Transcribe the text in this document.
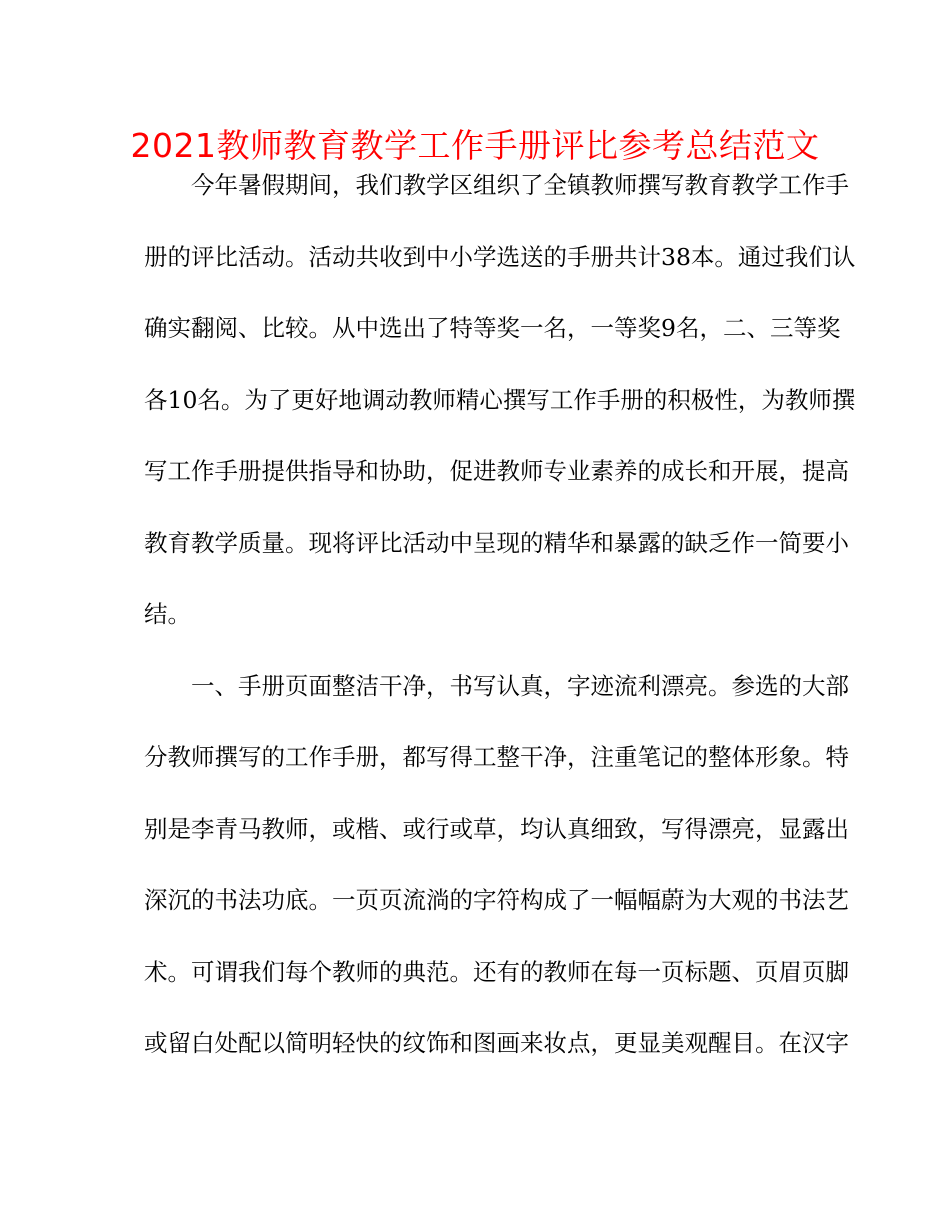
2021教师教育教学工作手册评比参考总结范文
　　今年暑假期间，我们教学区组织了全镇教师撰写教育教学工作手
册的评比活动。活动共收到中小学选送的手册共计38本。通过我们认
确实翻阅、比较。从中选出了特等奖一名，一等奖9名，二、三等奖
各10名。为了更好地调动教师精心撰写工作手册的积极性，为教师撰
写工作手册提供指导和协助，促进教师专业素养的成长和开展，提高
教育教学质量。现将评比活动中呈现的精华和暴露的缺乏作一简要小
结。
　　一、手册页面整洁干净，书写认真，字迹流利漂亮。参选的大部
分教师撰写的工作手册，都写得工整干净，注重笔记的整体形象。特
别是李青马教师，或楷、或行或草，均认真细致，写得漂亮，显露出
深沉的书法功底。一页页流淌的字符构成了一幅幅蔚为大观的书法艺
术。可谓我们每个教师的典范。还有的教师在每一页标题、页眉页脚
或留白处配以简明轻快的纹饰和图画来妆点，更显美观醒目。在汉字
